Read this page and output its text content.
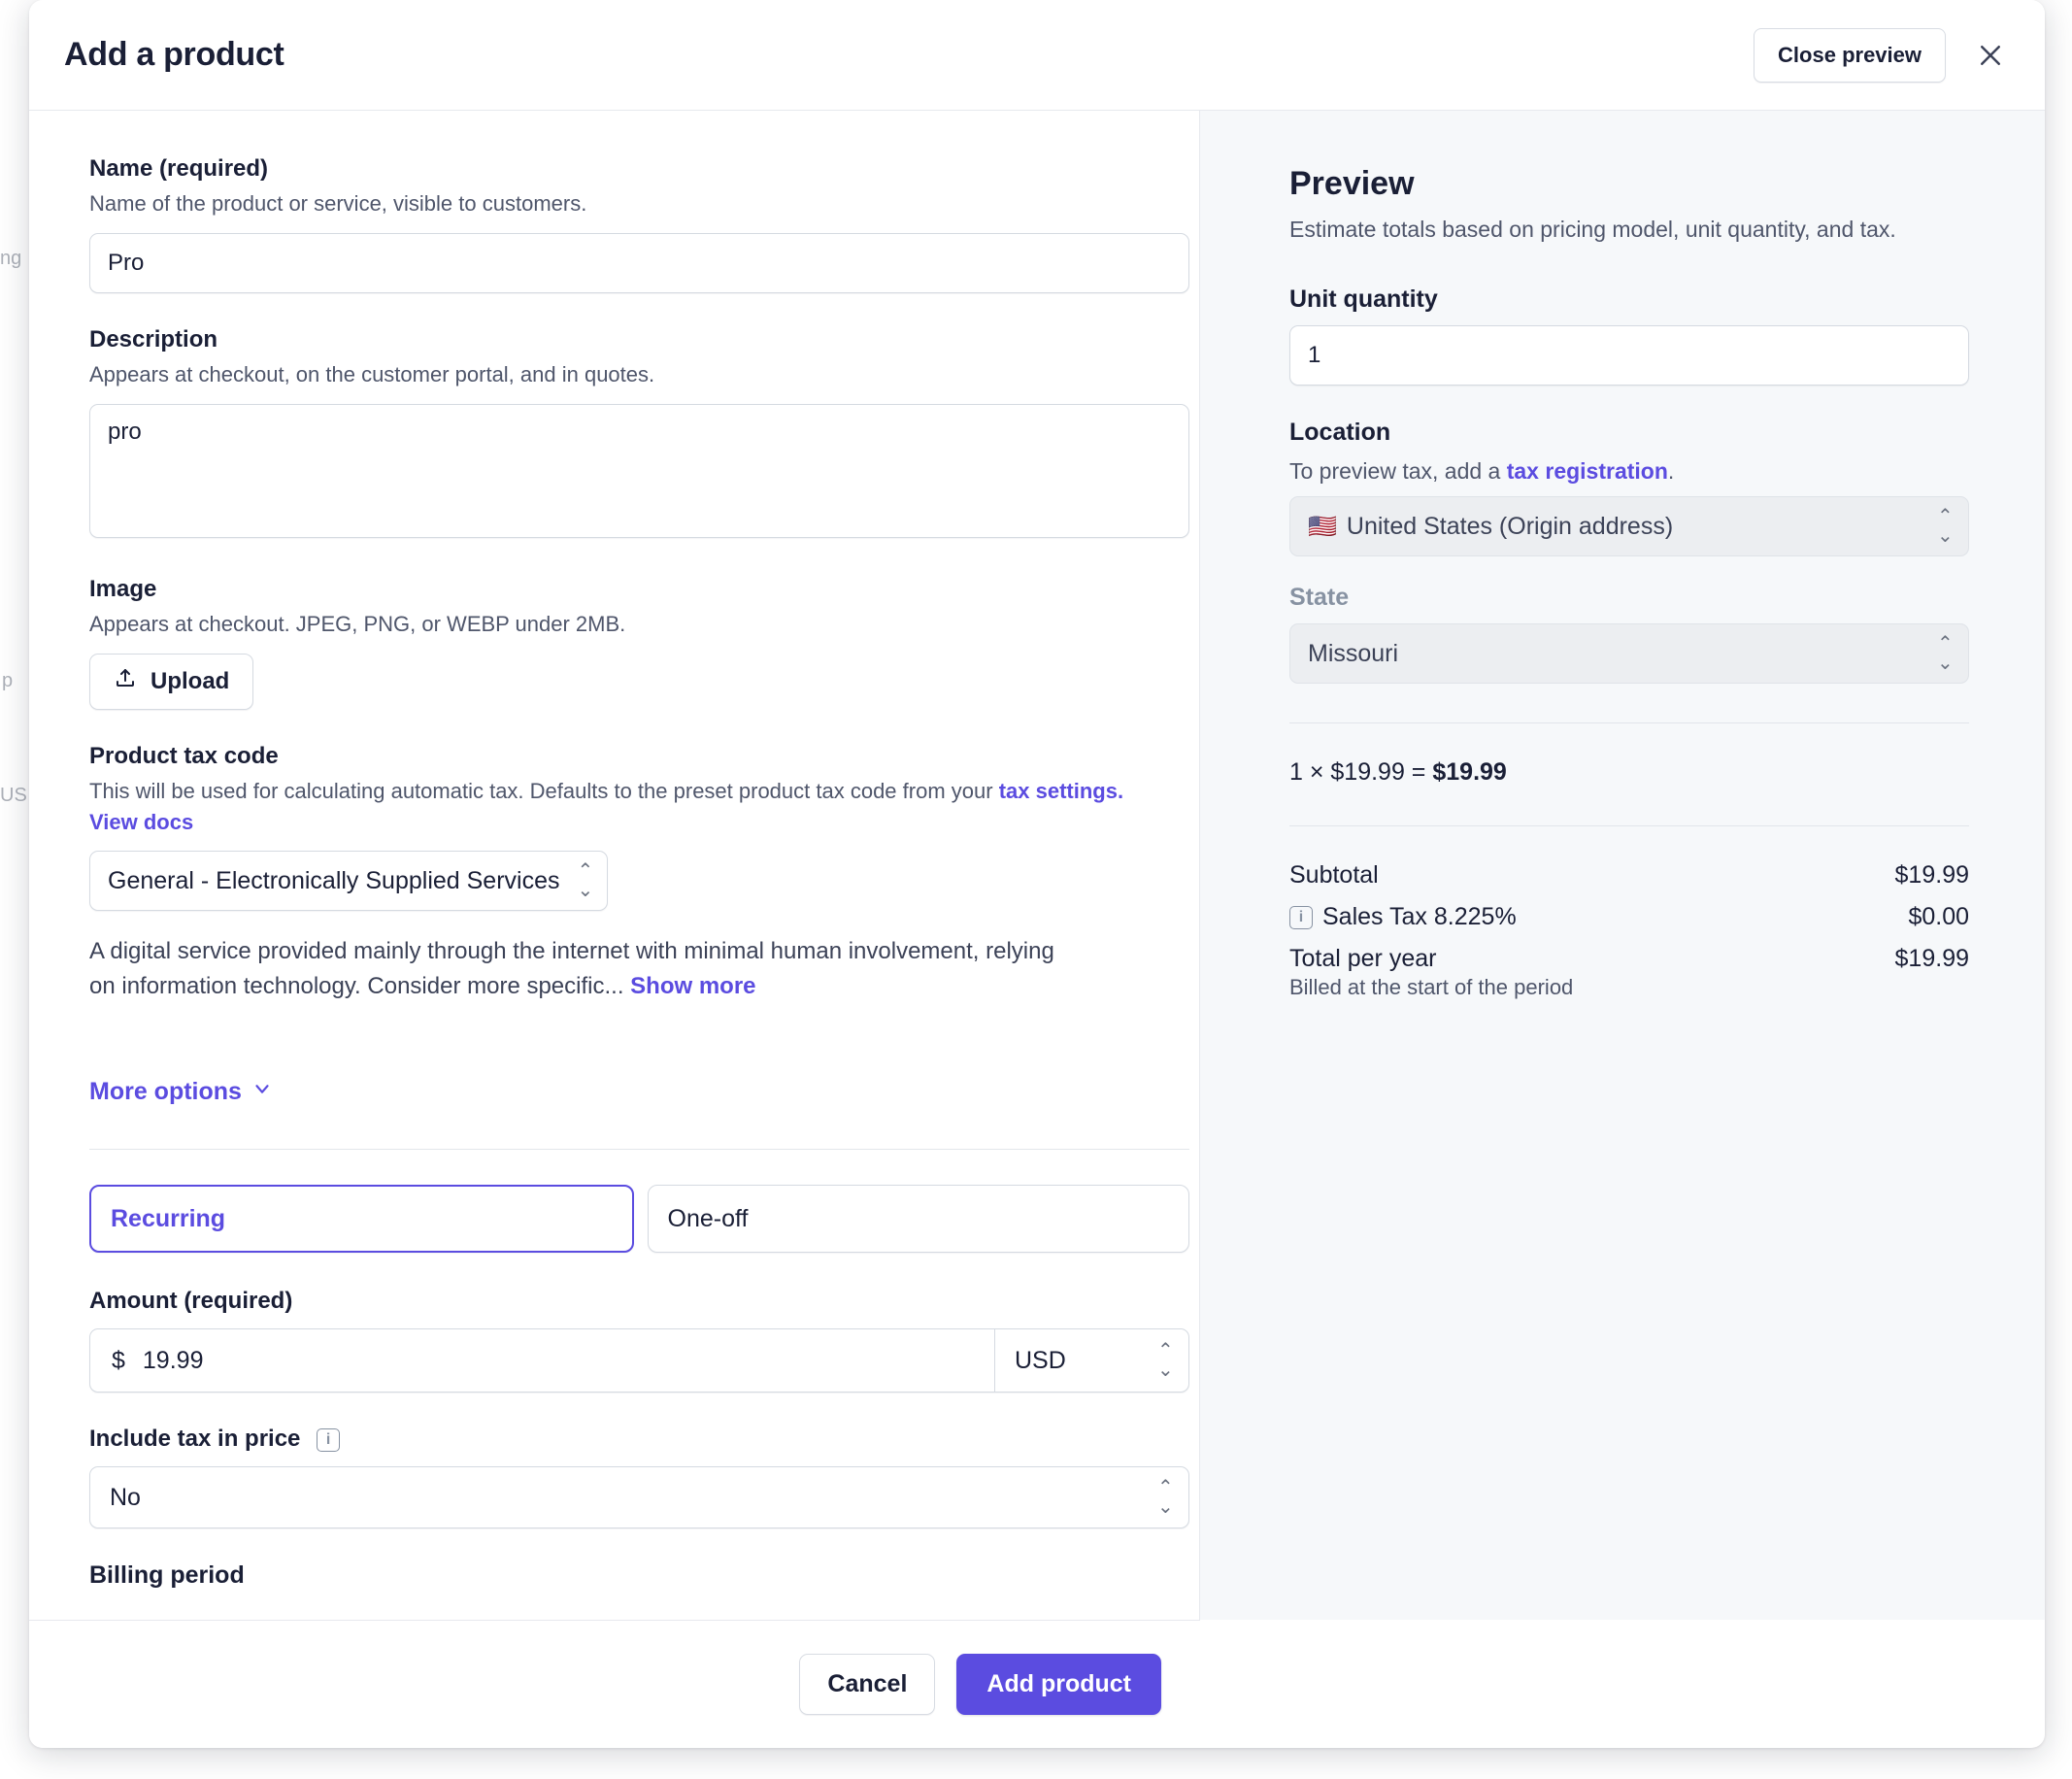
ng
p
US
Add a product	Close preview
Name (required)
Name of the product or service, visible to customers.
Pro
Description
Appears at checkout, on the customer portal, and in quotes.
pro
Image
Appears at checkout. JPEG, PNG, or WEBP under 2MB.
Upload
Product tax code
This will be used for calculating automatic tax. Defaults to the preset product tax code from your tax settings. View docs
General - Electronically Supplied Services ⌃
⌄

A digital service provided mainly through the internet with minimal human involvement, relying on information technology. Consider more specific... Show more

More options
Recurring	One-off
Amount (required)
$ 19.99	USD	⌃
⌄
Include tax in price i
No	⌃
⌄
Billing period
Preview
Estimate totals based on pricing model, unit quantity, and tax.
Unit quantity
1
Location
To preview tax, add a tax registration.
🇺🇸 United States (Origin address)	⌃
⌄
State
Missouri	⌃
⌄
1 × $19.99 = $19.99
Subtotal	$19.99
i Sales Tax 8.225%	$0.00
Total per year	$19.99
Billed at the start of the period
Cancel	Add product
